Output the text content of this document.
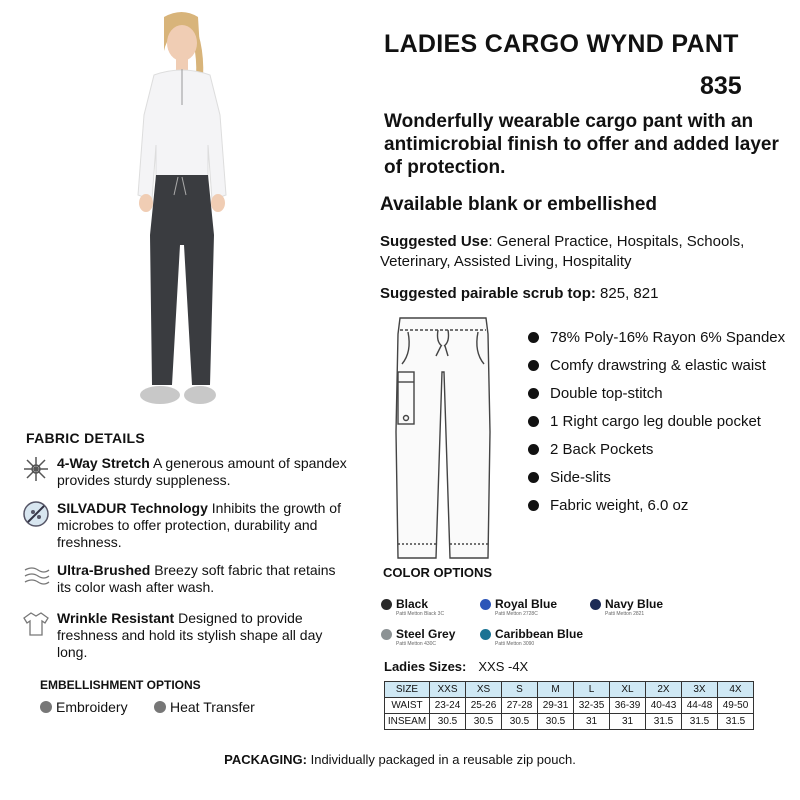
LADIES CARGO WYND PANT
835
Wonderfully wearable cargo pant with an antimicrobial finish to offer and added layer of protection.
Available blank or embellished
Suggested Use: General Practice, Hospitals, Schools, Veterinary, Assisted Living, Hospitality
Suggested pairable scrub top: 825, 821
78% Poly-16% Rayon 6% Spandex
Comfy drawstring & elastic waist
Double top-stitch
1 Right cargo leg double pocket
2 Back Pockets
Side-slits
Fabric weight, 6.0 oz
FABRIC DETAILS
4-Way Stretch A generous amount of spandex provides sturdy suppleness.
SILVADUR Technology Inhibits the growth of microbes to offer protection, durability and freshness.
Ultra-Brushed Breezy soft fabric that retains its color wash after wash.
Wrinkle Resistant Designed to provide freshness and hold its stylish shape all day long.
EMBELLISHMENT OPTIONS
Embroidery	Heat Transfer
COLOR OPTIONS
Black
Patti Metton Black 3C
Royal Blue
Patti Metton 2728C
Navy Blue
Patti Metton 2821
Steel Grey
Patti Metton 430C
Caribbean Blue
Patti Metton 3090
Ladies Sizes: XXS -4X
SIZE	XXS	XS	S	M	L	XL	2X	3X	4X
WAIST	23-24	25-26	27-28	29-31	32-35	36-39	40-43	44-48	49-50
INSEAM	30.5	30.5	30.5	30.5	31	31	31.5	31.5	31.5
PACKAGING: Individually packaged in a reusable zip pouch.
